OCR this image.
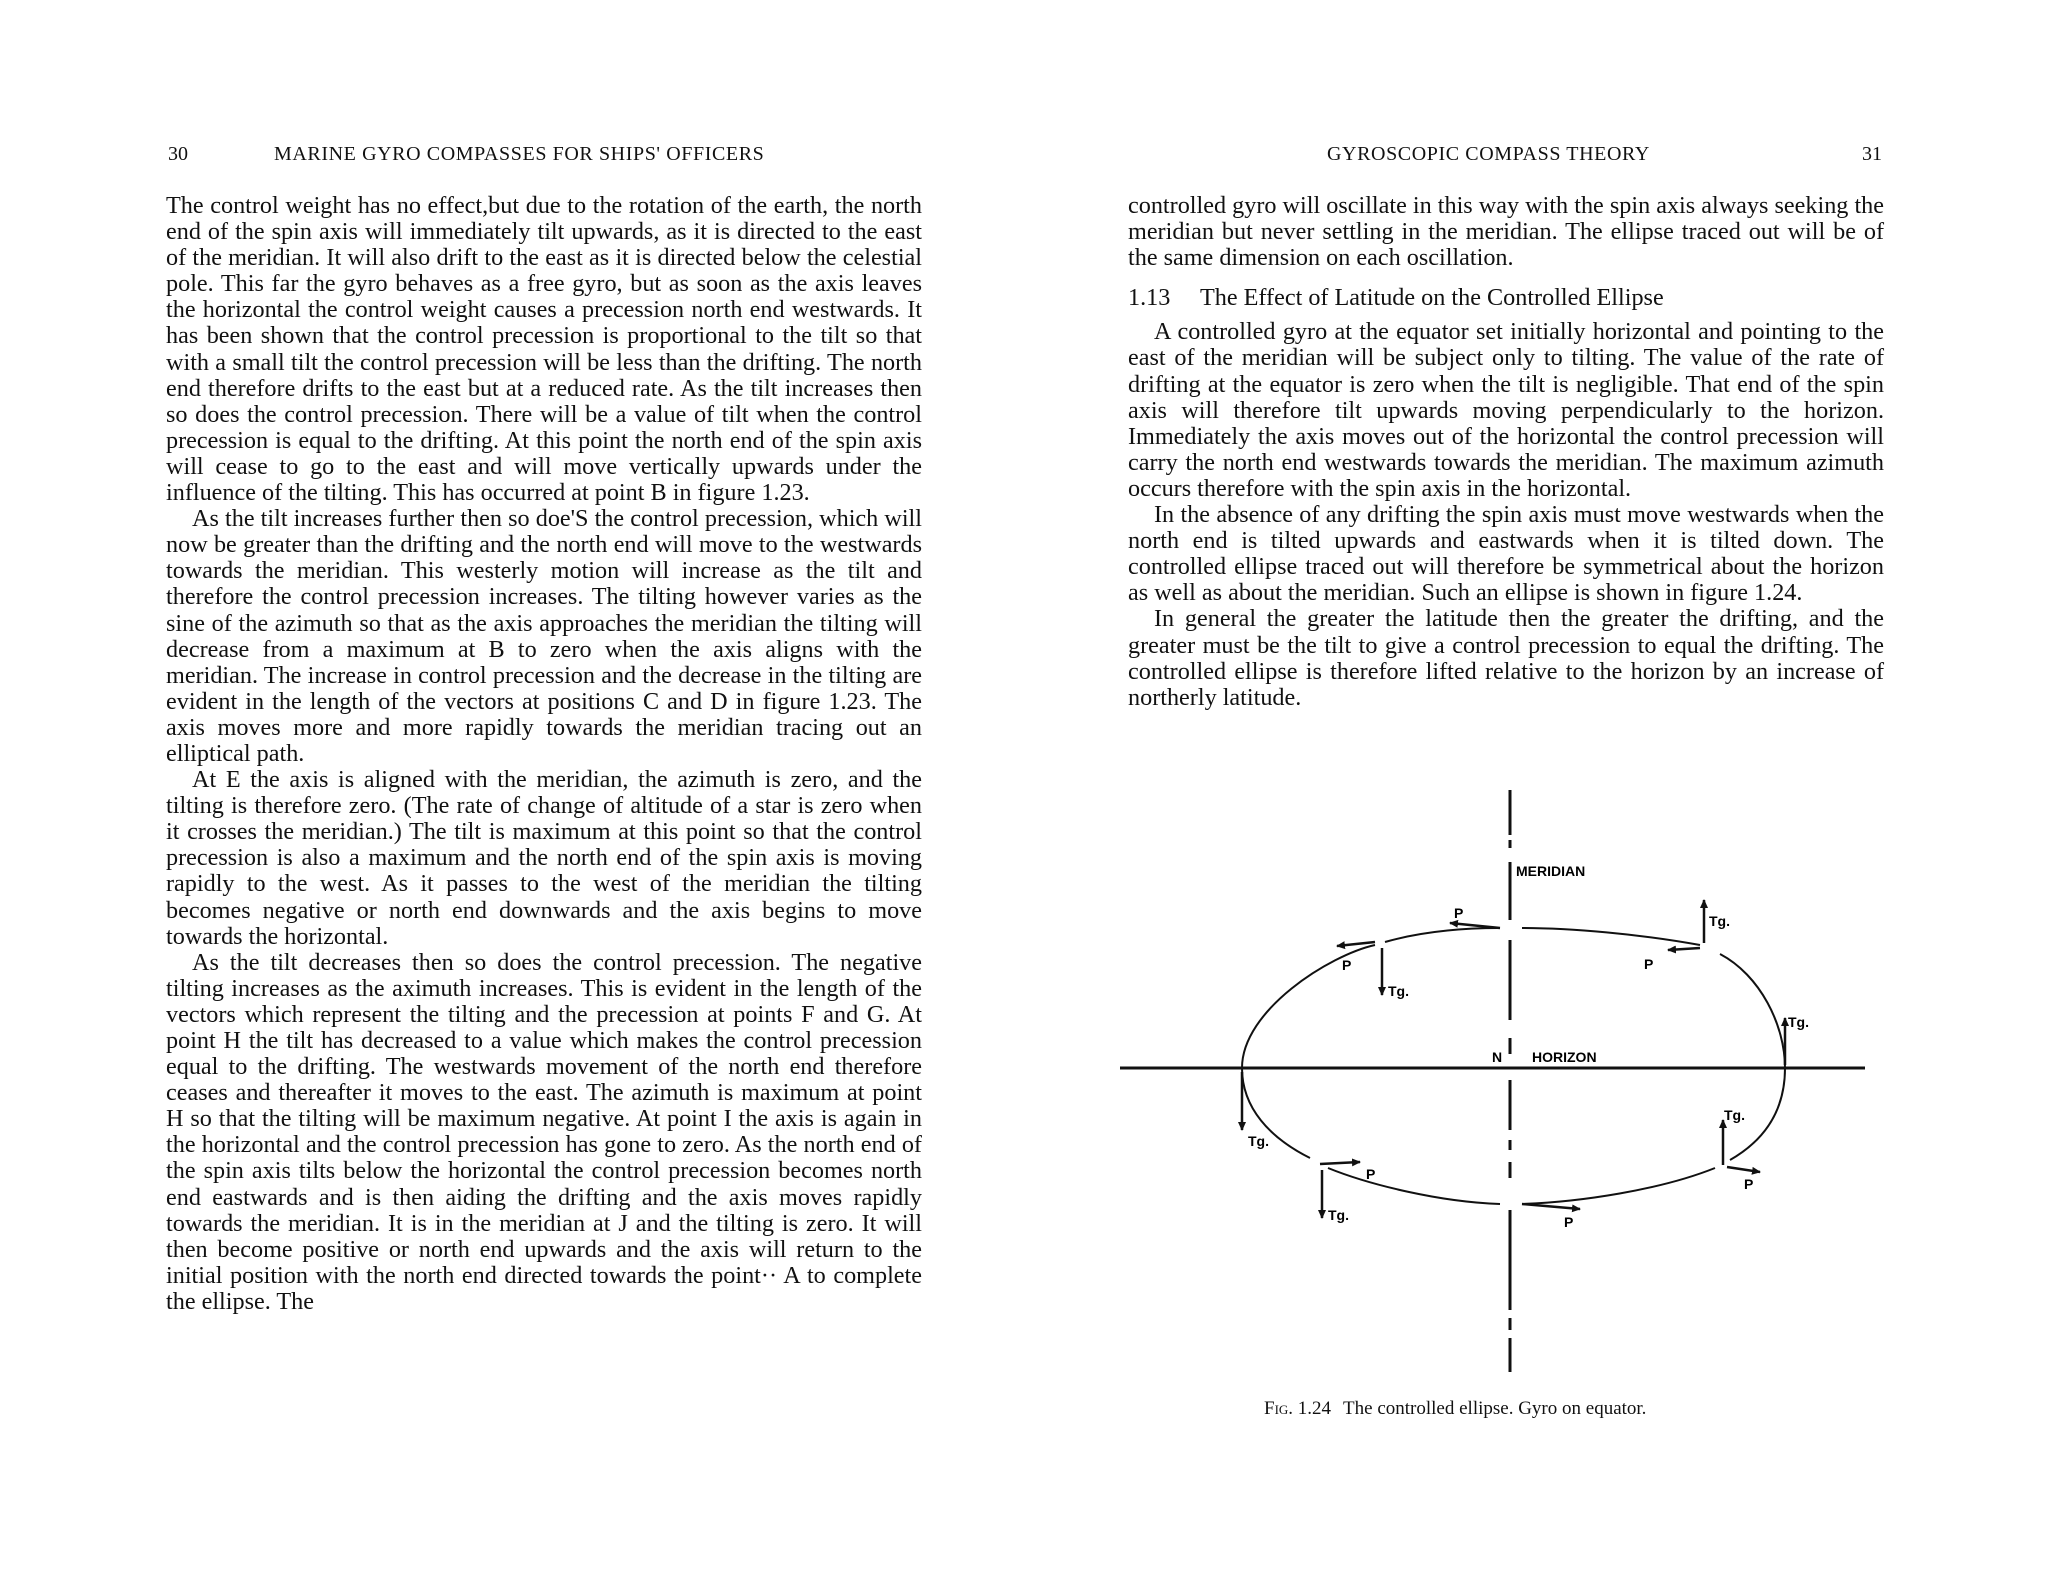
30	MARINE GYRO COMPASSES FOR SHIPS' OFFICERS

The control weight has no effect,but due to the rotation of the earth, the north end of the spin axis will immediately tilt upwards, as it is directed to the east of the meridian. It will also drift to the east as it is directed below the celestial pole. This far the gyro behaves as a free gyro, but as soon as the axis leaves the horizontal the control weight causes a precession north end westwards. It has been shown that the control precession is proportional to the tilt so that with a small tilt the control precession will be less than the drifting. The north end therefore drifts to the east but at a reduced rate. As the tilt increases then so does the control precession. There will be a value of tilt when the control precession is equal to the drifting. At this point the north end of the spin axis will cease to go to the east and will move vertically upwards under the influence of the tilting. This has occurred at point B in figure 1.23.

As the tilt increases further then so doe'S the control precession, which will now be greater than the drifting and the north end will move to the westwards towards the meridian. This westerly motion will increase as the tilt and therefore the control precession increases. The tilting however varies as the sine of the azimuth so that as the axis approaches the meridian the tilting will decrease from a maximum at B to zero when the axis aligns with the meridian. The increase in control precession and the decrease in the tilting are evident in the length of the vectors at positions C and D in figure 1.23. The axis moves more and more rapidly towards the meridian tracing out an elliptical path.

At E the axis is aligned with the meridian, the azimuth is zero, and the tilting is therefore zero. (The rate of change of altitude of a star is zero when it crosses the meridian.) The tilt is maximum at this point so that the control precession is also a maximum and the north end of the spin axis is moving rapidly to the west. As it passes to the west of the meridian the tilting becomes negative or north end downwards and the axis begins to move towards the horizontal.

As the tilt decreases then so does the control precession. The negative tilting increases as the aximuth increases. This is evident in the length of the vectors which represent the tilting and the precession at points F and G. At point H the tilt has decreased to a value which makes the control precession equal to the drifting. The westwards movement of the north end therefore ceases and thereafter it moves to the east. The azimuth is maximum at point H so that the tilting will be maximum negative. At point I the axis is again in the horizontal and the control precession has gone to zero. As the north end of the spin axis tilts below the horizontal the control precession becomes north end eastwards and is then aiding the drifting and the axis moves rapidly towards the meridian. It is in the meridian at J and the tilting is zero. It will then become positive or north end upwards and the axis will return to the initial position with the north end directed towards the point·· A to complete the ellipse. The

GYROSCOPIC COMPASS THEORY	31

controlled gyro will oscillate in this way with the spin axis always seeking the meridian but never settling in the meridian. The ellipse traced out will be of the same dimension on each oscillation.

1.13 The Effect of Latitude on the Controlled Ellipse

A controlled gyro at the equator set initially horizontal and pointing to the east of the meridian will be subject only to tilting. The value of the rate of drifting at the equator is zero when the tilt is negligible. That end of the spin axis will therefore tilt upwards moving perpendicularly to the horizon. Immediately the axis moves out of the horizontal the control precession will carry the north end westwards towards the meridian. The maximum azimuth occurs therefore with the spin axis in the horizontal.

In the absence of any drifting the spin axis must move westwards when the north end is tilted upwards and eastwards when it is tilted down. The controlled ellipse traced out will therefore be symmetrical about the horizon as well as about the meridian. Such an ellipse is shown in figure 1.24.

In general the greater the latitude then the greater the drifting, and the greater must be the tilt to give a control precession to equal the drifting. The controlled ellipse is therefore lifted relative to the horizon by an increase of northerly latitude.

MERIDIAN
HORIZON
N
P
P	P
P
P
P
Tg.
Tg.
Tg.
Tg.
Tg.
Tg.
Fig. 1.24 The controlled ellipse. Gyro on equator.
